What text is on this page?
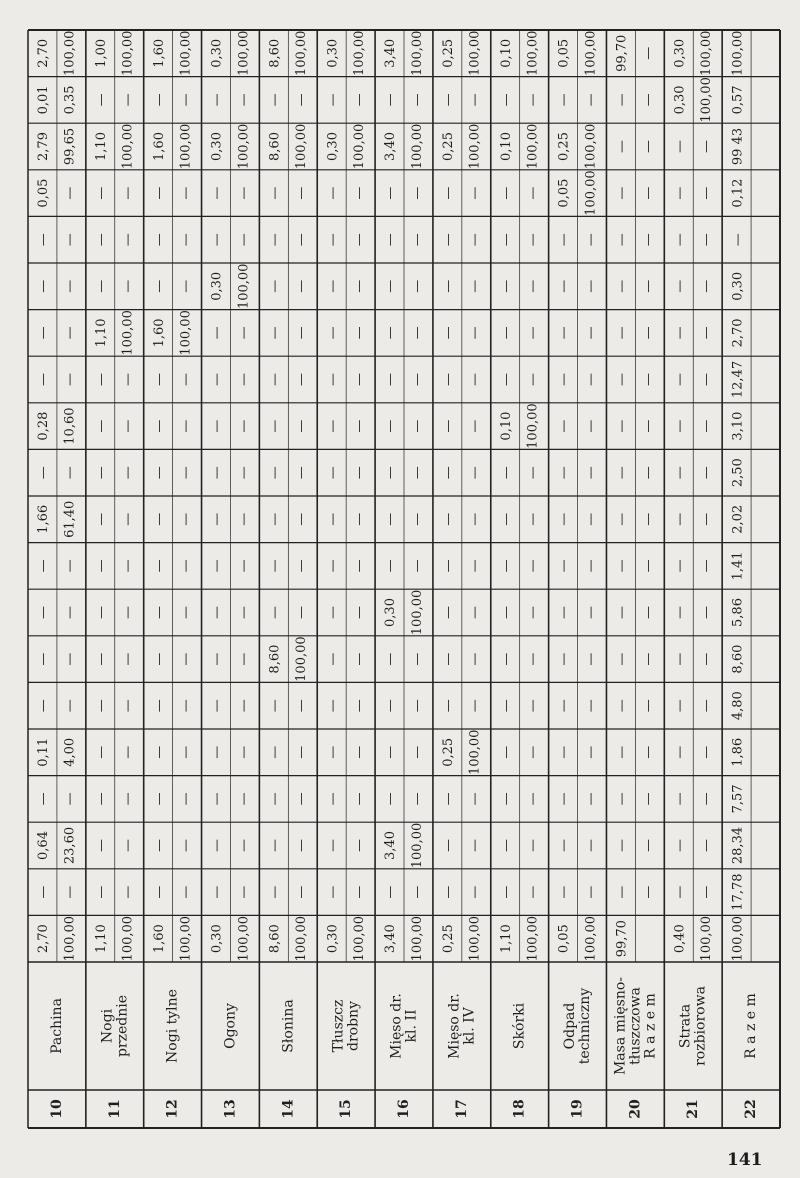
10
Pachina
2,70 100,00
2,70 100,00
0,01 0,35
2,79 99,65
0,05 —
— —
— —
— —
— —
0,28 10,60
— —
1,66 61,40
— —
— —
— —
— —
0,11 4,00
— —
0,64 23,60
— —
11
Nogi przednie
1,10 100,00
1,00 100,00
— —
1,10 100,00
— —
— —
— —
1,10 100,00
— —
— —
— —
— —
— —
— —
— —
— —
— —
— —
— —
— —
12
Nogi tylne
1,60 100,00
1,60 100,00
— —
1,60 100,00
— —
— —
— —
1,60 100,00
— —
— —
— —
— —
— —
— —
— —
— —
— —
— —
— —
— —
13
Ogony
0,30 100,00
0,30 100,00
— —
0,30 100,00
— —
— —
0,30 100,00
— —
— —
— —
— —
— —
— —
— —
— —
— —
— —
— —
— —
— —
14
Słonina
8,60 100,00
8,60 100,00
— —
8,60 100,00
— —
— —
— —
— —
— —
— —
— —
— —
— —
— —
8,60 100,00
— —
— —
— —
— —
— —
15
Tłuszcz drobny
0,30 100,00
0,30 100,00
— —
0,30 100,00
— —
— —
— —
— —
— —
— —
— —
— —
— —
— —
— —
— —
— —
— —
— —
— —
16
Mięso dr. kl. II
3,40 100,00
3,40 100,00
— —
3,40 100,00
— —
— —
— —
— —
— —
— —
— —
— —
— —
0,30 100,00
— —
— —
— —
— —
3,40 100,00
— —
17
Mięso dr. kl. IV
0,25 100,00
0,25 100,00
— —
0,25 100,00
— —
— —
— —
— —
— —
— —
— —
— —
— —
— —
— —
— —
0,25 100,00
— —
— —
— —
18
Skórki
1,10 100,00
0,10 100,00
— —
0,10 100,00
— —
— —
— —
— —
— —
0,10 100,00
— —
— —
— —
— —
— —
— —
— —
— —
— —
— —
19
Odpad techniczny
0,05 100,00
0,05 100,00
— —
0,25 100,00
0,05 100,00
— —
— —
— —
— —
— —
— —
— —
— —
— —
— —
— —
— —
— —
— —
— —
20
Masa mięsno- tłuszczowa R a z e m
99,70
99,70 —
— —
— —
— —
— —
— —
— —
— —
— —
— —
— —
— —
— —
— —
— —
— —
— —
— —
— —
21
Strata rozbiorowa
0,40 100,00
0,30 100,00
0,30 100,00
— —
— —
— —
— —
— —
— —
— —
— —
— —
— —
— —
— —
— —
— —
— —
— —
— —
22
R a z e m
100,00
100,00
0,57
99 43
0,12
—
0,30
2,70
12,47
3,10
2,50
2,02
1,41
5,86
8,60
4,80
1,86
7,57
28,34
17,78
141
